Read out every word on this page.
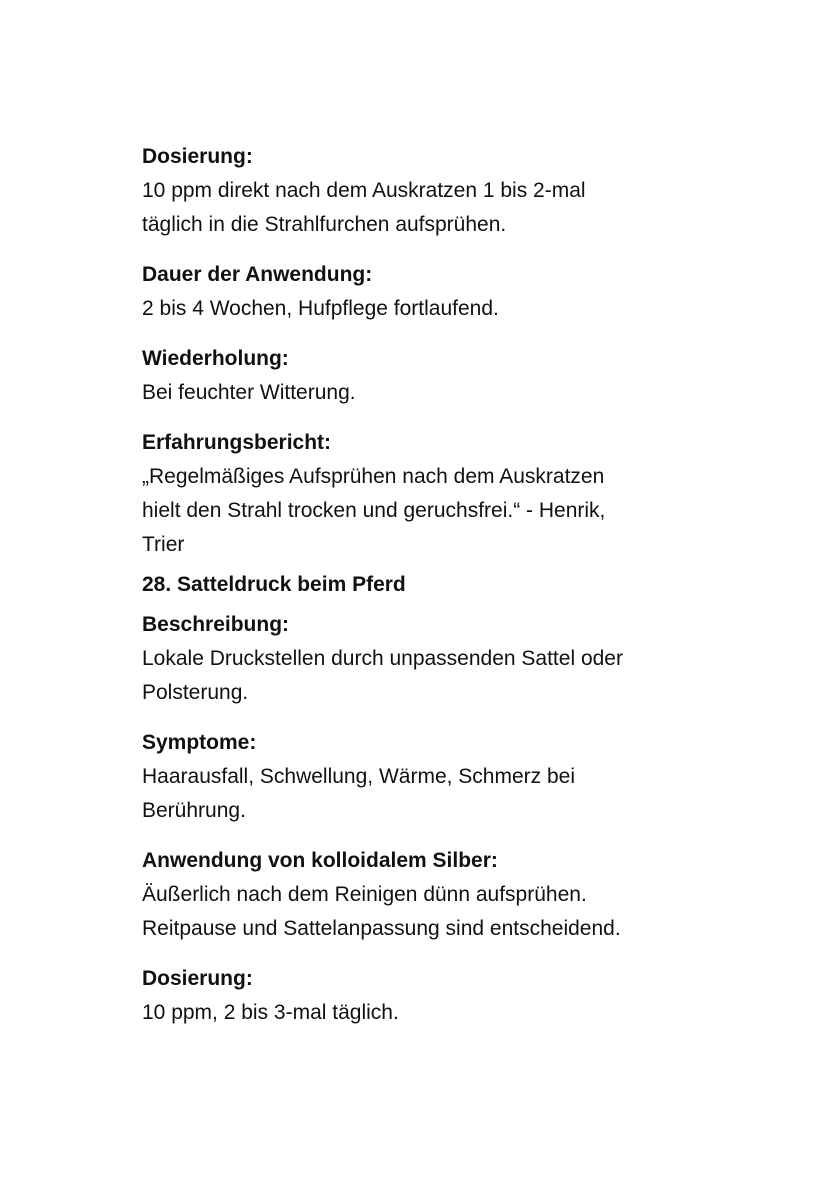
Dosierung:

10 ppm direkt nach dem Auskratzen 1 bis 2-mal
täglich in die Strahlfurchen aufsprühen.

Dauer der Anwendung:

2 bis 4 Wochen, Hufpflege fortlaufend.

Wiederholung:

Bei feuchter Witterung.

Erfahrungsbericht:

„Regelmäßiges Aufsprühen nach dem Auskratzen
hielt den Strahl trocken und geruchsfrei.“ - Henrik,
Trier

28. Satteldruck beim Pferd

Beschreibung:

Lokale Druckstellen durch unpassenden Sattel oder
Polsterung.

Symptome:

Haarausfall, Schwellung, Wärme, Schmerz bei
Berührung.

Anwendung von kolloidalem Silber:

Äußerlich nach dem Reinigen dünn aufsprühen.
Reitpause und Sattelanpassung sind entscheidend.

Dosierung:

10 ppm, 2 bis 3-mal täglich.
